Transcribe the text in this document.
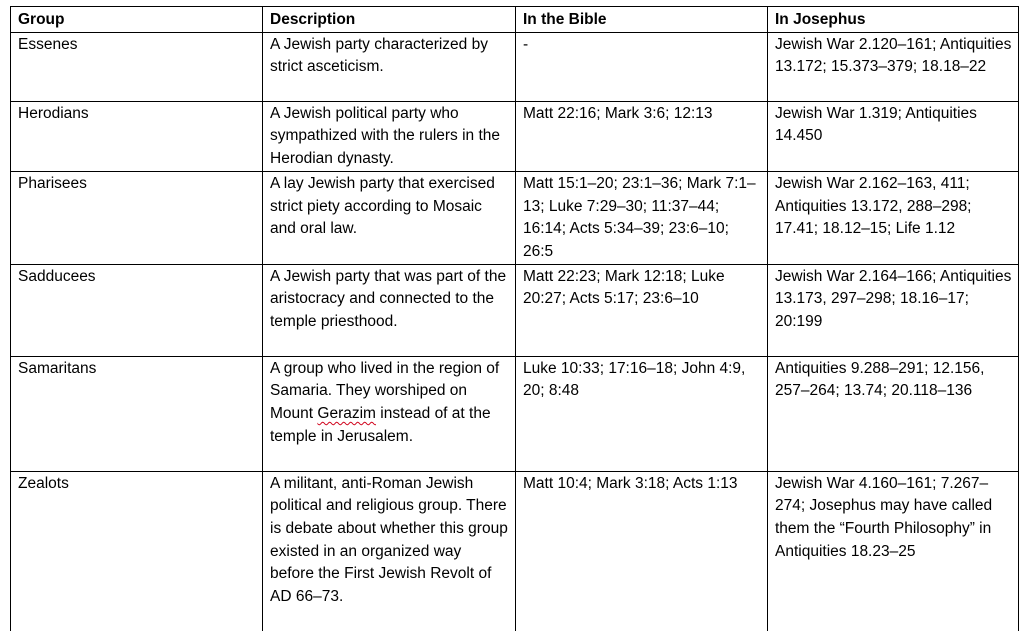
Group	Description	In the Bible	In Josephus
Essenes	A Jewish party characterized by strict asceticism.	-	Jewish War 2.120–161; Antiquities 13.172; 15.373–379; 18.18–22
Herodians	A Jewish political party who sympathized with the rulers in the Herodian dynasty.	Matt 22:16; Mark 3:6; 12:13	Jewish War 1.319; Antiquities 14.450
Pharisees	A lay Jewish party that exercised strict piety according to Mosaic and oral law.	Matt 15:1–20; 23:1–36; Mark 7:1–13; Luke 7:29–30; 11:37–44; 16:14; Acts 5:34–39; 23:6–10; 26:5	Jewish War 2.162–163, 411; Antiquities 13.172, 288–298; 17.41; 18.12–15; Life 1.12
Sadducees	A Jewish party that was part of the aristocracy and connected to the temple priesthood.	Matt 22:23; Mark 12:18; Luke 20:27; Acts 5:17; 23:6–10	Jewish War 2.164–166; Antiquities 13.173, 297–298; 18.16–17; 20:199
Samaritans	A group who lived in the region of Samaria. They worshiped on Mount Gerazim instead of at the temple in Jerusalem.	Luke 10:33; 17:16–18; John 4:9, 20; 8:48	Antiquities 9.288–291; 12.156, 257–264; 13.74; 20.118–136
Zealots	A militant, anti-Roman Jewish political and religious group. There is debate about whether this group existed in an organized way before the First Jewish Revolt of AD 66–73.	Matt 10:4; Mark 3:18; Acts 1:13	Jewish War 4.160–161; 7.267–274; Josephus may have called them the “Fourth Philosophy” in Antiquities 18.23–25
